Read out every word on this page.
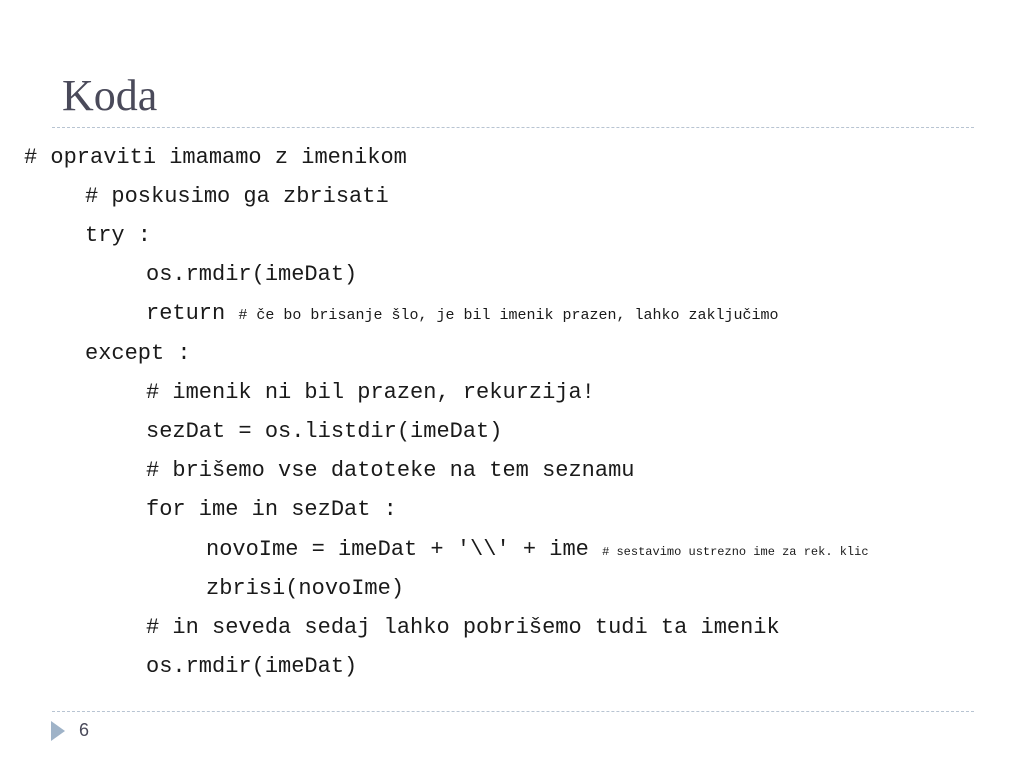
Koda
# opraviti imamamo z imenikom
# poskusimo ga zbrisati
try :
os.rmdir(imeDat)
return # če bo brisanje šlo, je bil imenik prazen, lahko zaključimo
except :
# imenik ni bil prazen, rekurzija!
sezDat = os.listdir(imeDat)
# brišemo vse datoteke na tem seznamu
for ime in sezDat :
novoIme = imeDat + '\\' + ime # sestavimo ustrezno ime za rek. klic
zbrisi(novoIme)
# in seveda sedaj lahko pobrišemo tudi ta imenik
os.rmdir(imeDat)
6
